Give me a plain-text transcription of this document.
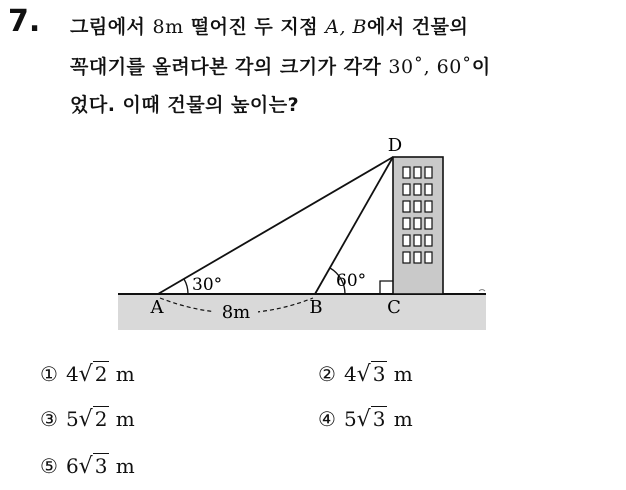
7. 그림에서 8m 떨어진 두 지점 A, B에서 건물의
꼭대기를 올려다본 각의 크기가 각각 30˚, 60˚이
었다. 이때 건물의 높이는?
D
A	B	C
30°	60°
8m
① 4√ 2 m	② 4√ 3 m
③ 5√ 2 m	④ 5√ 3 m
⑤ 6√ 3 m
